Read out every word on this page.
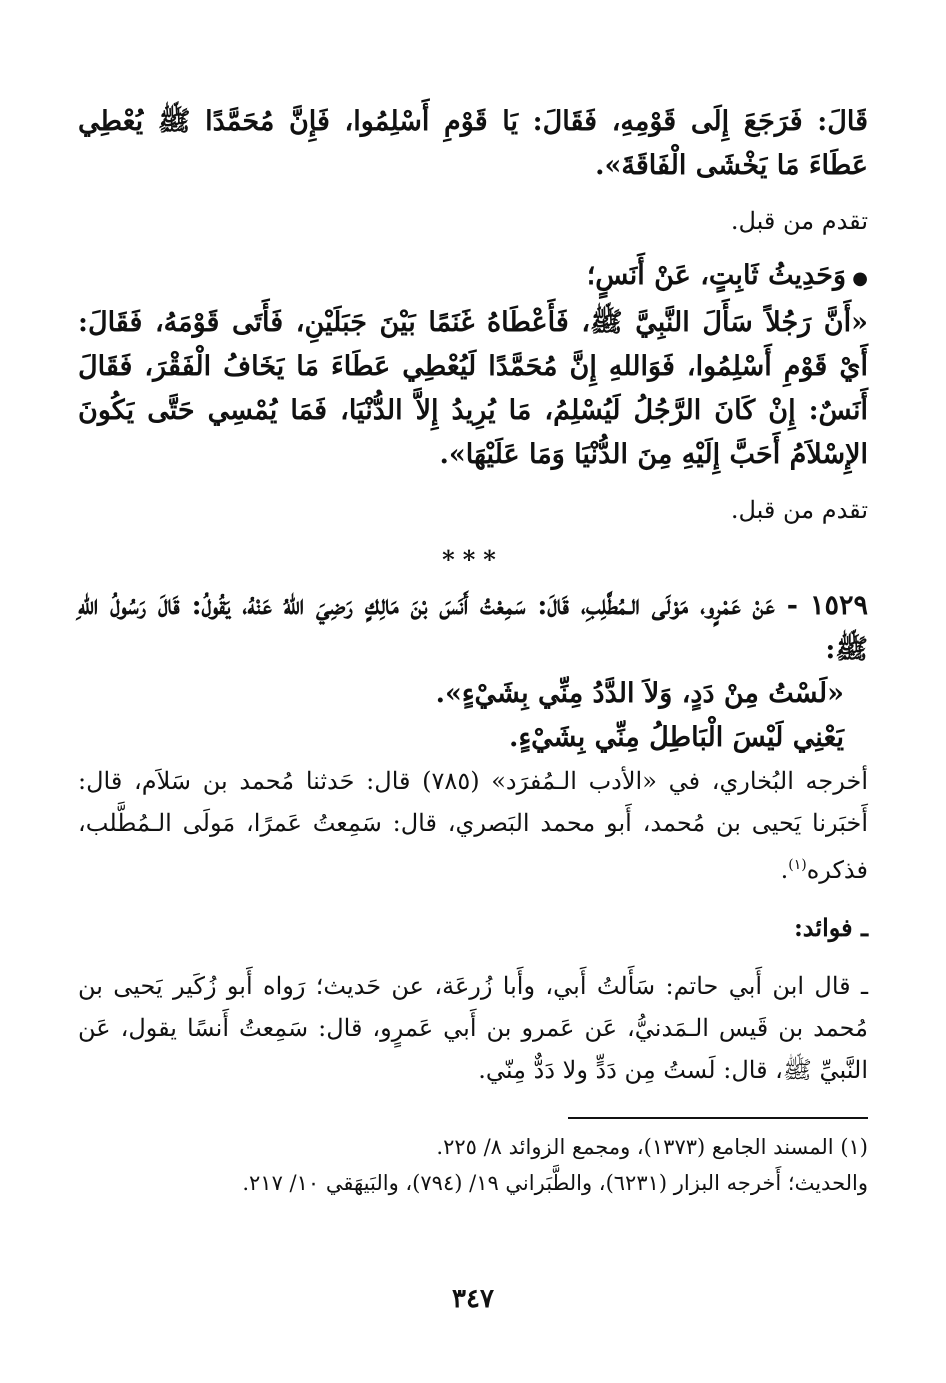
قَالَ: فَرَجَعَ إِلَى قَوْمِهِ، فَقَالَ: يَا قَوْمِ أَسْلِمُوا، فَإِنَّ مُحَمَّدًا ﷺ يُعْطِي عَطَاءَ مَا يَخْشَى الْفَاقَةَ».

تقدم من قبل.

● وَحَدِيثُ ثَابِتٍ، عَنْ أَنَسٍ؛

«أَنَّ رَجُلاً سَأَلَ النَّبِيَّ ﷺ، فَأَعْطَاهُ غَنَمًا بَيْنَ جَبَلَيْنِ، فَأَتَى قَوْمَهُ، فَقَالَ: أَيْ قَوْمِ أَسْلِمُوا، فَوَاللهِ إِنَّ مُحَمَّدًا لَيُعْطِي عَطَاءَ مَا يَخَافُ الْفَقْرَ، فَقَالَ أَنَسٌ: إِنْ كَانَ الرَّجُلُ لَيُسْلِمُ، مَا يُرِيدُ إِلاَّ الدُّنْيَا، فَمَا يُمْسِي حَتَّى يَكُونَ الإِسْلاَمُ أَحَبَّ إِلَيْهِ مِنَ الدُّنْيَا وَمَا عَلَيْهَا».

تقدم من قبل.

***

١٥٢٩ - عَنْ عَمْرٍو، مَوْلَى الـمُطَّلِبِ، قَالَ: سَمِعْتُ أَنَسَ بْنَ مَالِكٍ رَضِيَ اللهُ عَنْهُ، يَقُولُ: قَالَ رَسُولُ اللهِ ﷺ:

«لَسْتُ مِنْ دَدٍ، وَلاَ الدَّدُ مِنِّي بِشَيْءٍ».

يَعْنِي لَيْسَ الْبَاطِلُ مِنِّي بِشَيْءٍ.

أخرجه البُخاري، في «الأدب الـمُفرَد» (٧٨٥) قال: حَدثنا مُحمد بن سَلاَم، قال: أَخبَرنا يَحيى بن مُحمد، أَبو محمد البَصري، قال: سَمِعتُ عَمرًا، مَولَى الـمُطَّلب، فذكره$^{(١)}$.

ـ فوائد:

ـ قال ابن أَبي حاتم: سَأَلتُ أَبي، وأَبا زُرعَة، عن حَديث؛ رَواه أَبو زُكَير يَحيى بن مُحمد بن قَيس الـمَدنيُّ، عَن عَمرو بن أَبي عَمرٍو، قال: سَمِعتُ أَنسًا يقول، عَن النَّبيِّ ﷺ، قال: لَستُ مِن دَدٍّ ولا دَدٌّ مِنّي.

(١) المسند الجامع (١٣٧٣)، ومجمع الزوائد ٨/ ٢٢٥.

والحديث؛ أَخرجه البزار (٦٢٣١)، والطَّبَراني ١٩/ (٧٩٤)، والبَيهَقي ١٠/ ٢١٧.

٣٤٧
